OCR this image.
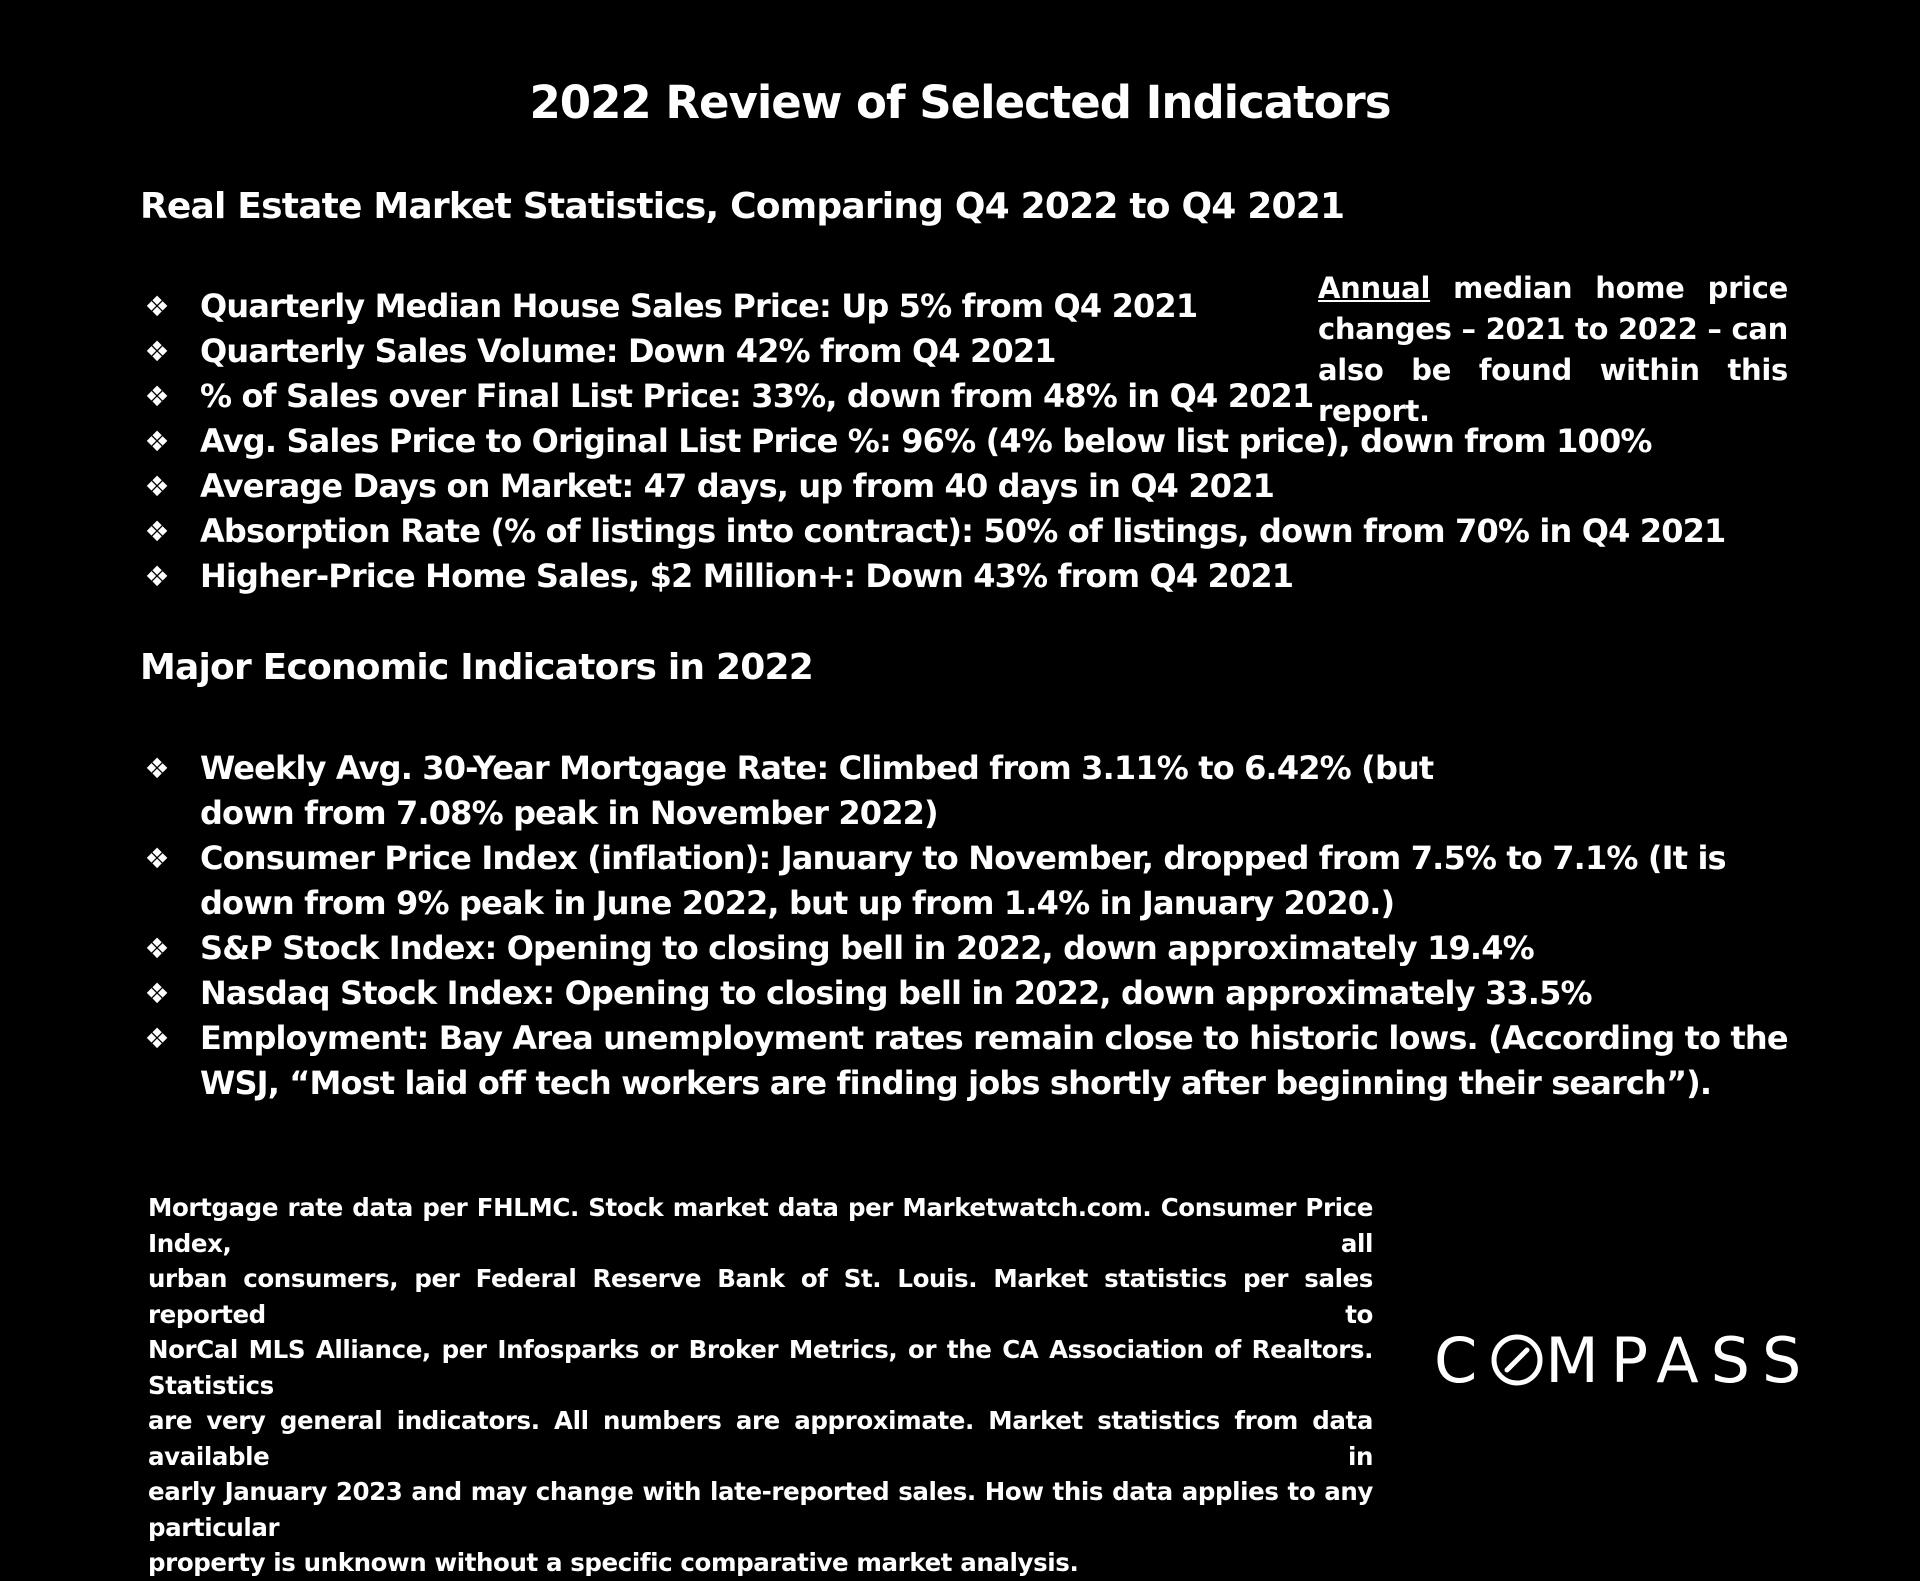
2022 Review of Selected Indicators
Real Estate Market Statistics, Comparing Q4 2022 to Q4 2021
❖ Quarterly Median House Sales Price: Up 5% from Q4 2021
❖ Quarterly Sales Volume: Down 42% from Q4 2021
❖ % of Sales over Final List Price: 33%, down from 48% in Q4 2021
❖ Avg. Sales Price to Original List Price %: 96% (4% below list price), down from 100%
❖ Average Days on Market: 47 days, up from 40 days in Q4 2021
❖ Absorption Rate (% of listings into contract): 50% of listings, down from 70% in Q4 2021
❖ Higher-Price Home Sales, $2 Million+: Down 43% from Q4 2021

Annual median home price
changes – 2021 to 2022 – can
also be found within this report.

Major Economic Indicators in 2022
❖ Weekly Avg. 30-Year Mortgage Rate: Climbed from 3.11% to 6.42% (but
down from 7.08% peak in November 2022)
❖ Consumer Price Index (inflation): January to November, dropped from 7.5% to 7.1% (It is
down from 9% peak in June 2022, but up from 1.4% in January 2020.)
❖ S&P Stock Index: Opening to closing bell in 2022, down approximately 19.4%
❖ Nasdaq Stock Index: Opening to closing bell in 2022, down approximately 33.5%
❖ Employment: Bay Area unemployment rates remain close to historic lows. (According to the
WSJ, “Most laid off tech workers are finding jobs shortly after beginning their search”).

Mortgage rate data per FHLMC. Stock market data per Marketwatch.com. Consumer Price Index, all
urban consumers, per Federal Reserve Bank of St. Louis. Market statistics per sales reported to
NorCal MLS Alliance, per Infosparks or Broker Metrics, or the CA Association of Realtors. Statistics
are very general indicators. All numbers are approximate. Market statistics from data available in
early January 2023 and may change with late-reported sales. How this data applies to any particular
property is unknown without a specific comparative market analysis.

C MPASS
